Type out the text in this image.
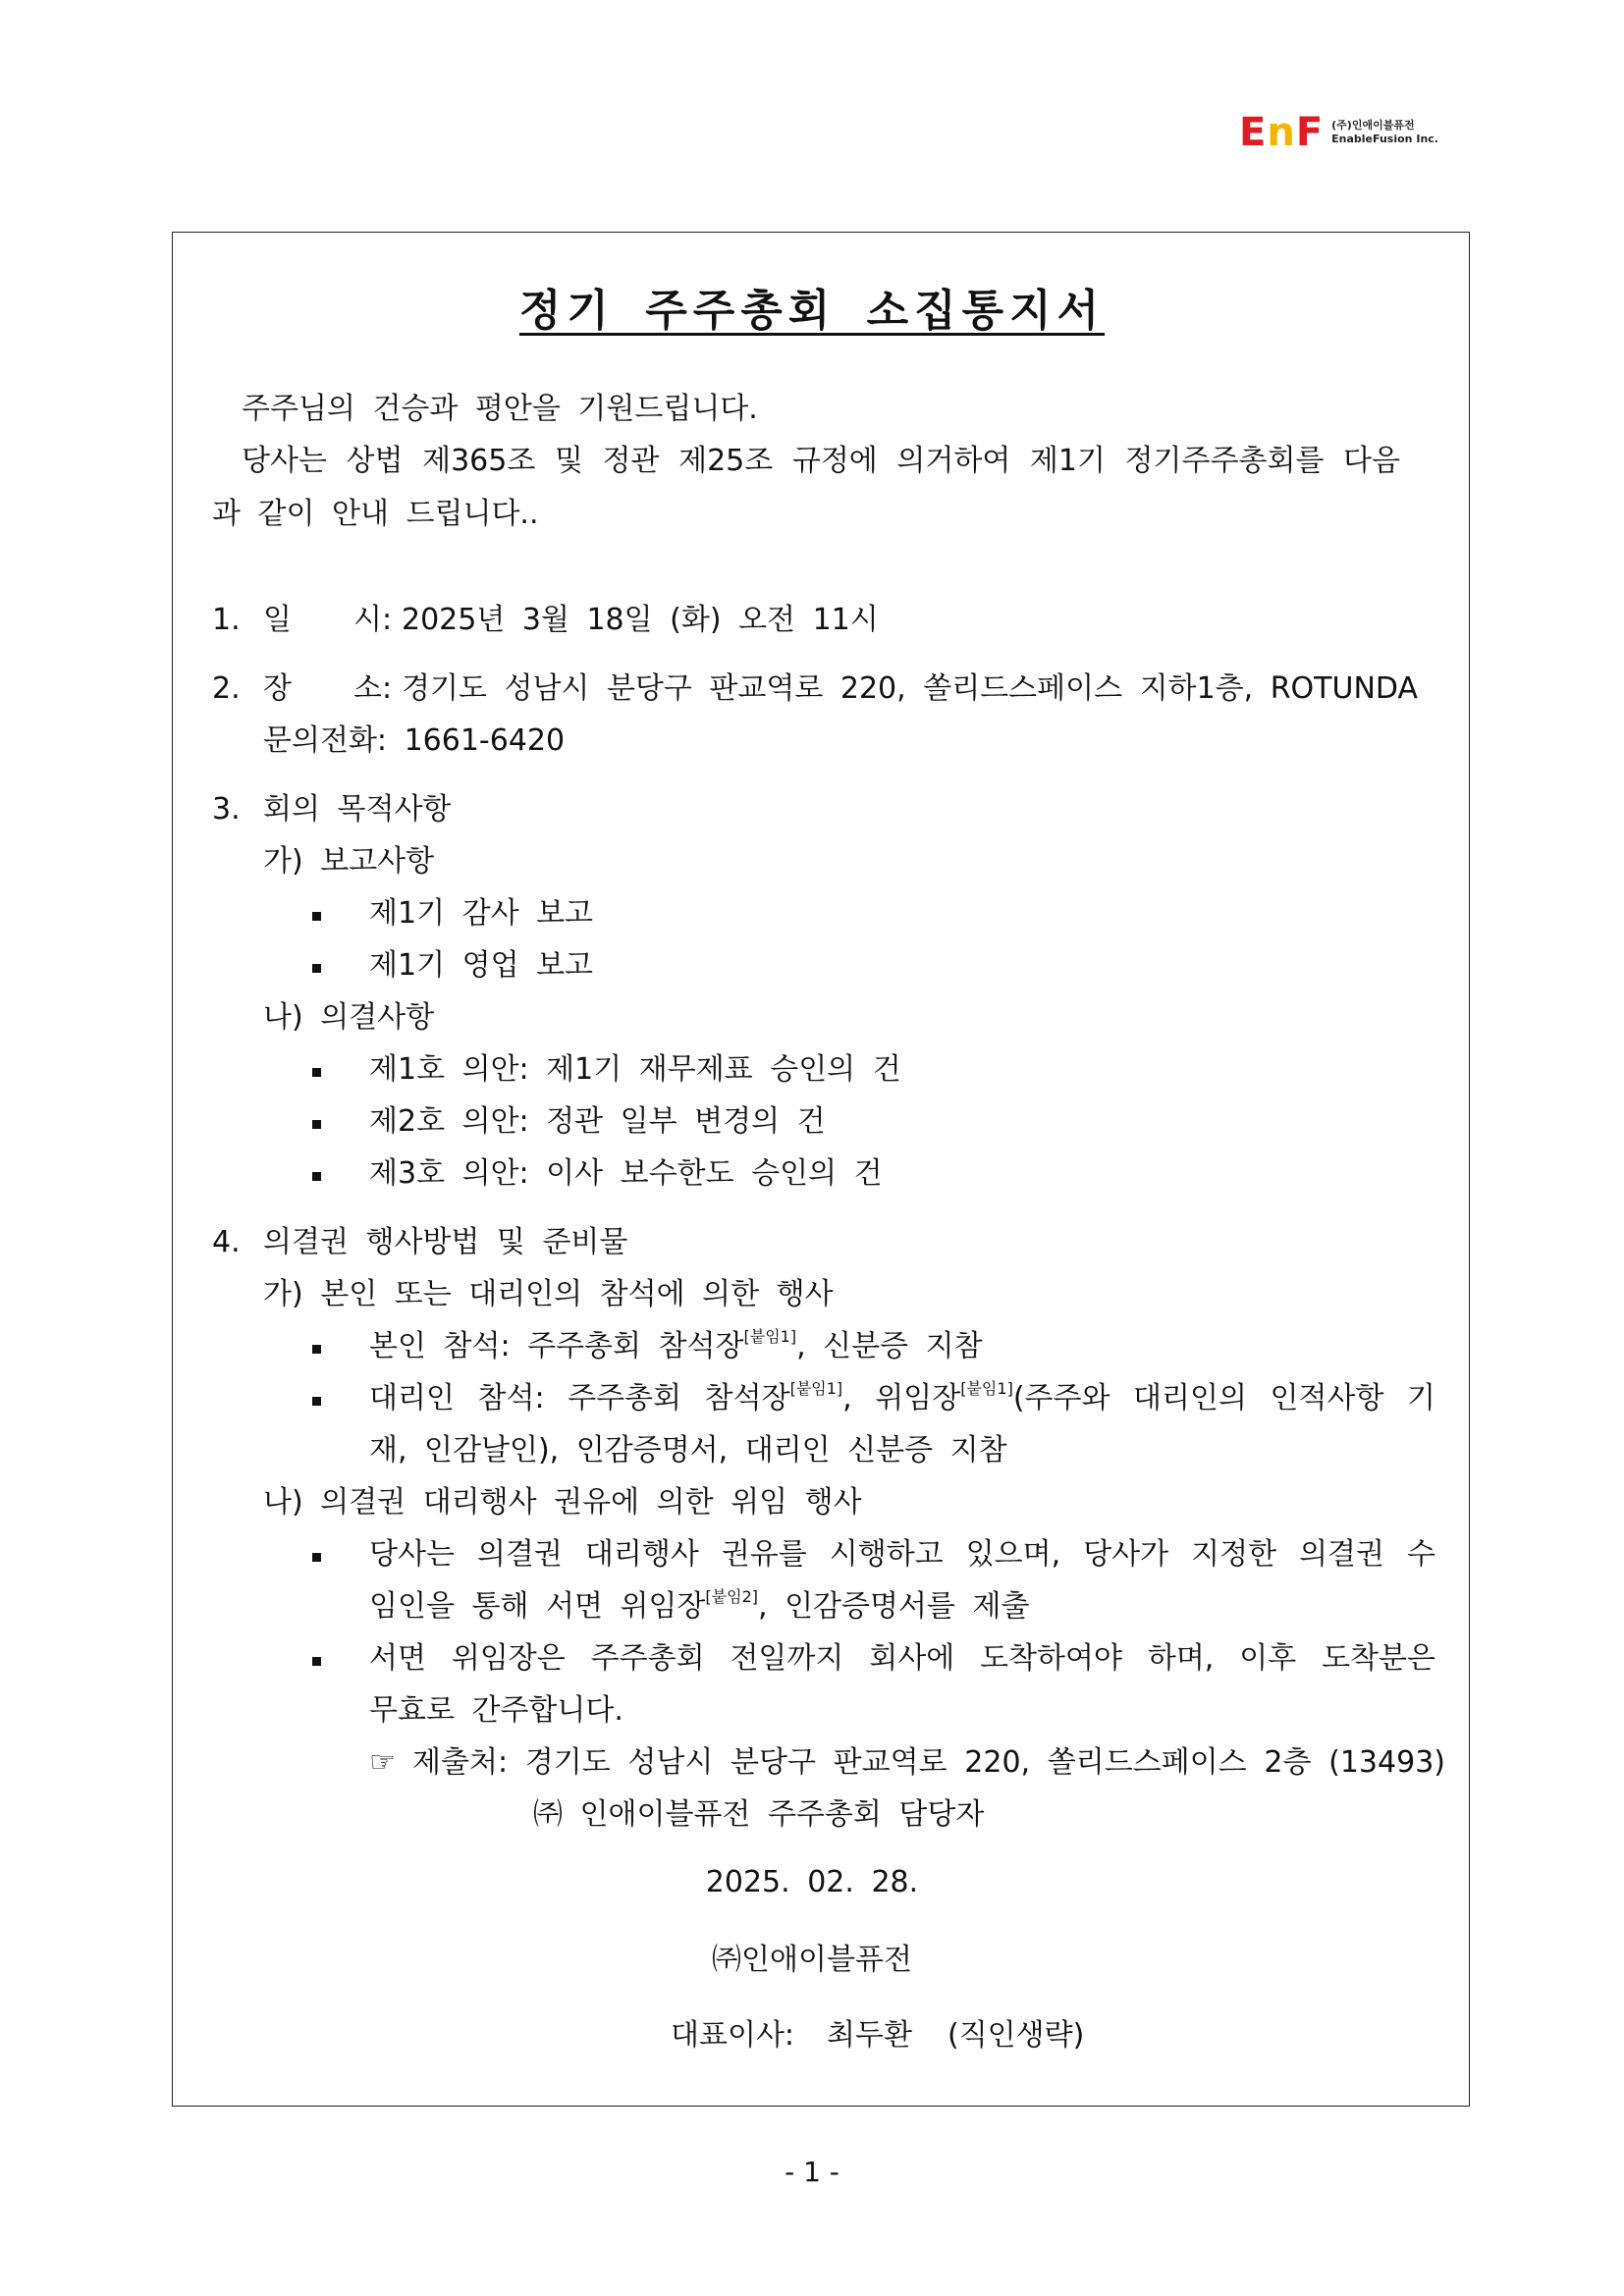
EnF (주)인애이블퓨전
EnableFusion Inc.
정기 주주총회 소집통지서
주주님의 건승과 평안을 기원드립니다.
당사는 상법 제365조 및 정관 제25조 규정에 의거하여 제1기 정기주주총회를 다음
과 같이 안내 드립니다..
1. 일 시: 2025년 3월 18일 (화) 오전 11시
2. 장 소: 경기도 성남시 분당구 판교역로 220, 쏠리드스페이스 지하1층, ROTUNDA
문의전화: 1661-6420
3. 회의 목적사항
가) 보고사항
제1기 감사 보고
제1기 영업 보고
나) 의결사항
제1호 의안: 제1기 재무제표 승인의 건
제2호 의안: 정관 일부 변경의 건
제3호 의안: 이사 보수한도 승인의 건
4. 의결권 행사방법 및 준비물
가) 본인 또는 대리인의 참석에 의한 행사
본인 참석: 주주총회 참석장[붙임1], 신분증 지참
대리인 참석: 주주총회 참석장[붙임1], 위임장[붙임1](주주와 대리인의 인적사항 기
재, 인감날인), 인감증명서, 대리인 신분증 지참
나) 의결권 대리행사 권유에 의한 위임 행사
당사는 의결권 대리행사 권유를 시행하고 있으며, 당사가 지정한 의결권 수
임인을 통해 서면 위임장[붙임2], 인감증명서를 제출
서면 위임장은 주주총회 전일까지 회사에 도착하여야 하며, 이후 도착분은
무효로 간주합니다.
☞ 제출처: 경기도 성남시 분당구 판교역로 220, 쏠리드스페이스 2층 (13493)
㈜ 인애이블퓨전 주주총회 담당자
2025. 02. 28.
㈜인애이블퓨전
대표이사: 최두환 (직인생략)
- 1 -
